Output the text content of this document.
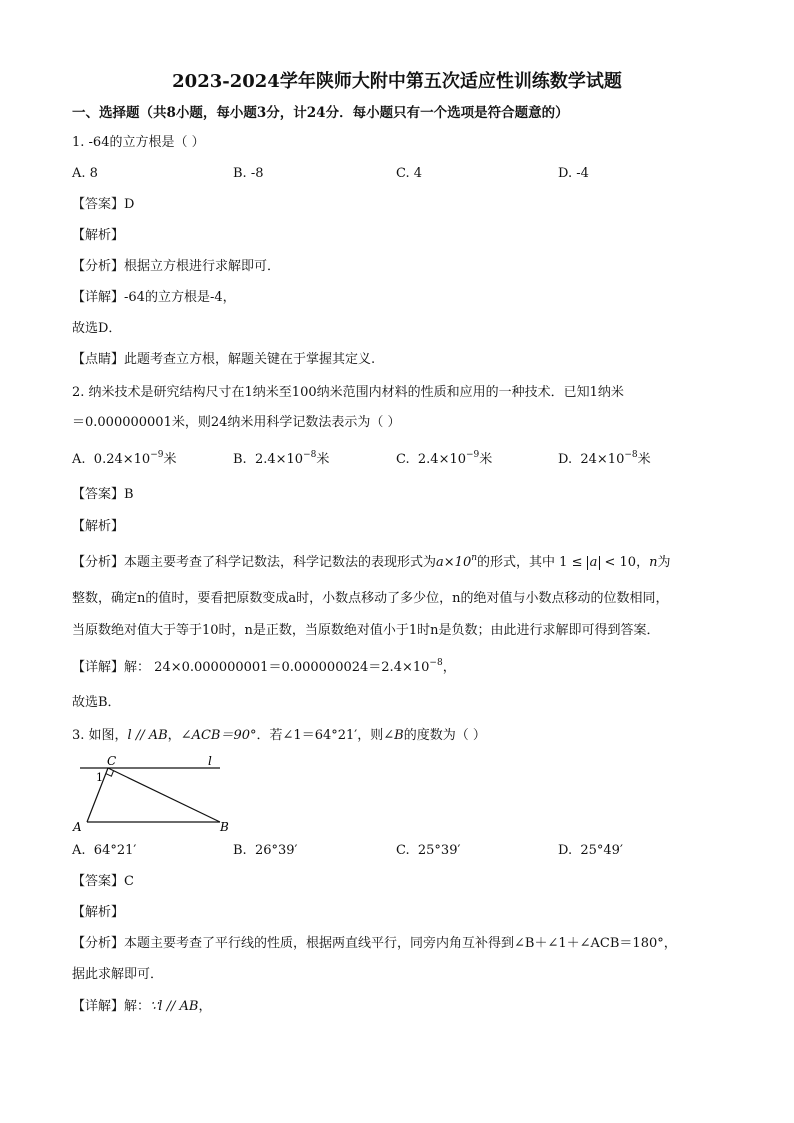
2023-2024学年陕师大附中第五次适应性训练数学试题
一、选择题（共8小题，每小题3分，计24分．每小题只有一个选项是符合题意的）
1. -64的立方根是（ ）
A. 8	B. -8	C. 4	D. -4
【答案】D
【解析】
【分析】根据立方根进行求解即可．
【详解】-64的立方根是-4，
故选D．
【点睛】此题考查立方根，解题关键在于掌握其定义.
2. 纳米技术是研究结构尺寸在1纳米至100纳米范围内材料的性质和应用的一种技术．已知1纳米
＝0.000000001米，则24纳米用科学记数法表示为（ ）
A. $0.24\times 10^{-9}$米	B. $2.4\times 10^{-8}$米	C. $2.4\times 10^{-9}$米	D. $24\times 10^{-8}$米
【答案】B
【解析】
【分析】本题主要考查了科学记数法，科学记数法的表现形式为$a\times 10^n$的形式，其中 1 ≤ a < 10，n为
整数，确定n的值时，要看把原数变成a时，小数点移动了多少位，n的绝对值与小数点移动的位数相同，
当原数绝对值大于等于10时，n是正数，当原数绝对值小于1时n是负数；由此进行求解即可得到答案．
【详解】解： $24\times 0.000000001=0.000000024=2.4\times 10^{-8}$，
故选B．
3. 如图，l // AB，∠ACB＝90°．若∠1＝64°21′，则∠B的度数为（ ）
C	l
1
A	B
A. 64°21′	B. 26°39′	C. 25°39′	D. 25°49′
【答案】C
【解析】
【分析】本题主要考查了平行线的性质，根据两直线平行，同旁内角互补得到∠B＋∠1＋∠ACB＝180°，
据此求解即可．
【详解】解：∵l // AB，
